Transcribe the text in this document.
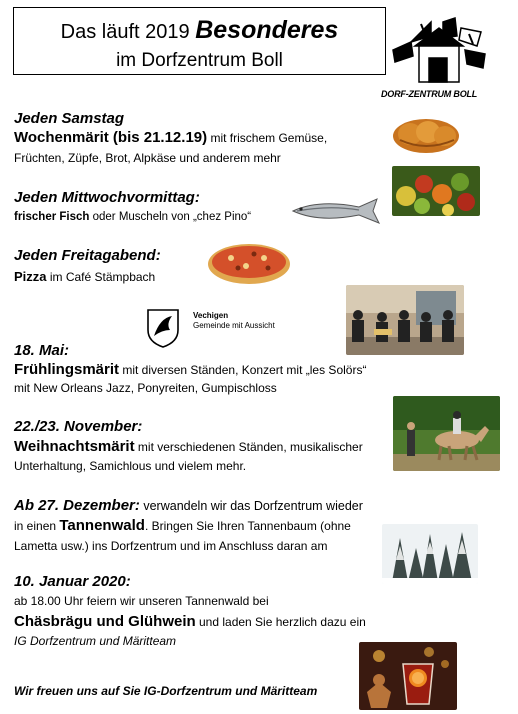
Das läuft 2019 Besonderes
im Dorfzentrum Boll
DORF-ZENTRUM BOLL
Jeden Samstag
Wochenmärit (bis 21.12.19) mit frischem Gemüse,
Früchten, Züpfe, Brot, Alpkäse und anderem mehr
Jeden Mittwochvormittag:
frischer Fisch oder Muscheln von „chez Pino“
Jeden Freitagabend:
Pizza im Café Stämpbach
Vechigen
Gemeinde mit Aussicht
18. Mai:
Frühlingsmärit mit diversen Ständen, Konzert mit „les Solörs“
mit New Orleans Jazz, Ponyreiten, Gumpischloss
22./23. November:
Weihnachtsmärit mit verschiedenen Ständen, musikalischer
Unterhaltung, Samichlous und vielem mehr.
Ab 27. Dezember: verwandeln wir das Dorfzentrum wieder
in einen Tannenwald. Bringen Sie Ihren Tannenbaum (ohne
Lametta usw.) ins Dorfzentrum und im Anschluss daran am
10. Januar 2020:
ab 18.00 Uhr feiern wir unseren Tannenwald bei
Chäsbrägu und Glühwein und laden Sie herzlich dazu ein
IG Dorfzentrum und Märitteam
Wir freuen uns auf Sie IG-Dorfzentrum und Märitteam
